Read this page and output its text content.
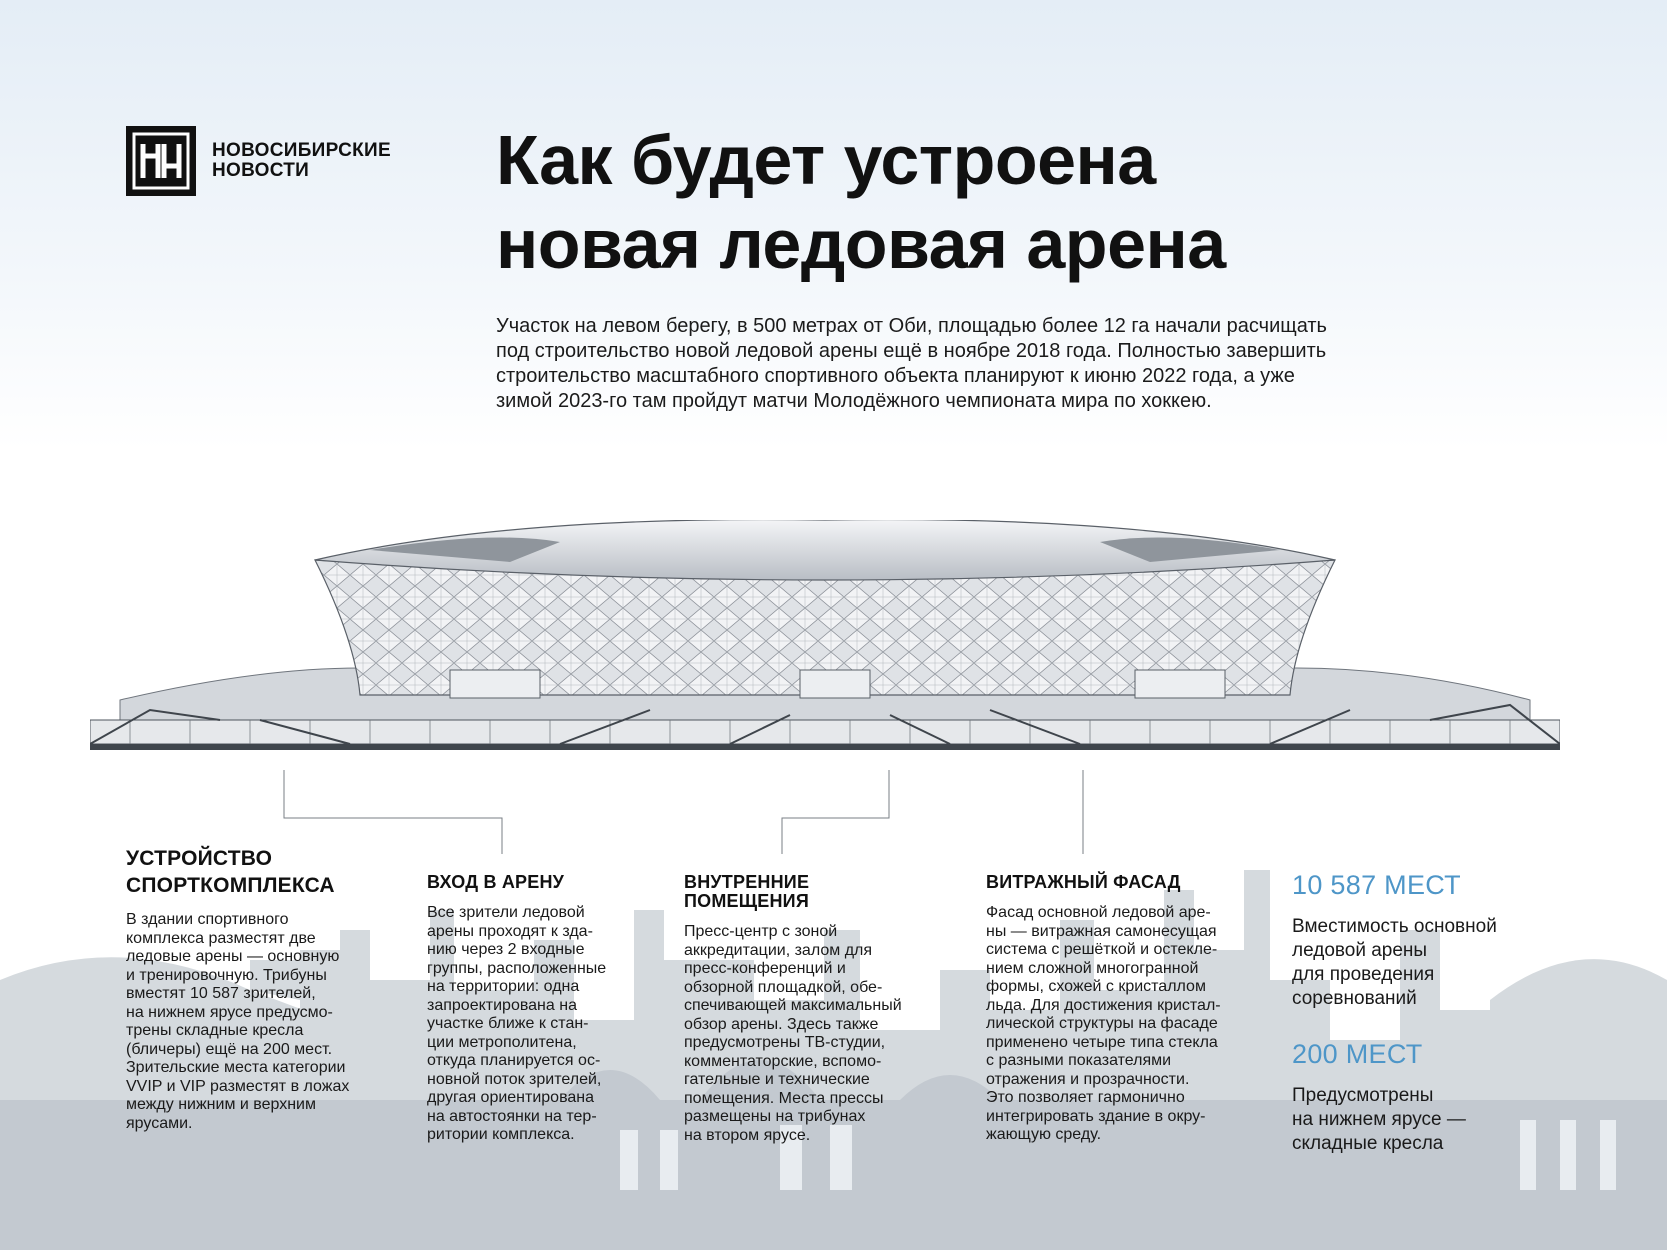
НОВОСИБИРСКИЕ
НОВОСТИ	Как будет устроена
новая ледовая арена
Участок на левом берегу, в 500 метрах от Оби, площадью более 12 га начали расчищать
под строительство новой ледовой арены ещё в ноябре 2018 года. Полностью завершить
строительство масштабного спортивного объекта планируют к июню 2022 года, а уже
зимой 2023-го там пройдут матчи Молодёжного чемпионата мира по хоккею.
УСТРОЙСТВО
СПОРТКОМПЛЕКСА
В здании спортивного
комплекса разместят две
ледовые арены — основную
и тренировочную. Трибуны
вместят 10 587 зрителей,
на нижнем ярусе предусмо-
трены складные кресла
(бличеры) ещё на 200 мест.
Зрительские места категории
VVIP и VIP разместят в ложах
между нижним и верхним
ярусами.
ВХОД В АРЕНУ
Все зрители ледовой
арены проходят к зда-
нию через 2 входные
группы, расположенные
на территории: одна
запроектирована на
участке ближе к стан-
ции метрополитена,
откуда планируется ос-
новной поток зрителей,
другая ориентирована
на автостоянки на тер-
ритории комплекса.
ВНУТРЕННИЕ
ПОМЕЩЕНИЯ
Пресс-центр с зоной
аккредитации, залом для
пресс-конференций и
обзорной площадкой, обе-
спечивающей максимальный
обзор арены. Здесь также
предусмотрены ТВ-студии,
комментаторские, вспомо-
гательные и технические
помещения. Места прессы
размещены на трибунах
на втором ярусе.
ВИТРАЖНЫЙ ФАСАД
Фасад основной ледовой аре-
ны — витражная самонесущая
система с решёткой и остекле-
нием сложной многогранной
формы, схожей с кристаллом
льда. Для достижения кристал-
лической структуры на фасаде
применено четыре типа стекла
с разными показателями
отражения и прозрачности.
Это позволяет гармонично
интегрировать здание в окру-
жающую среду.
10 587 МЕСТ
Вместимость основной
ледовой арены
для проведения
соревнований
200 МЕСТ
Предусмотрены
на нижнем ярусе —
складные кресла
